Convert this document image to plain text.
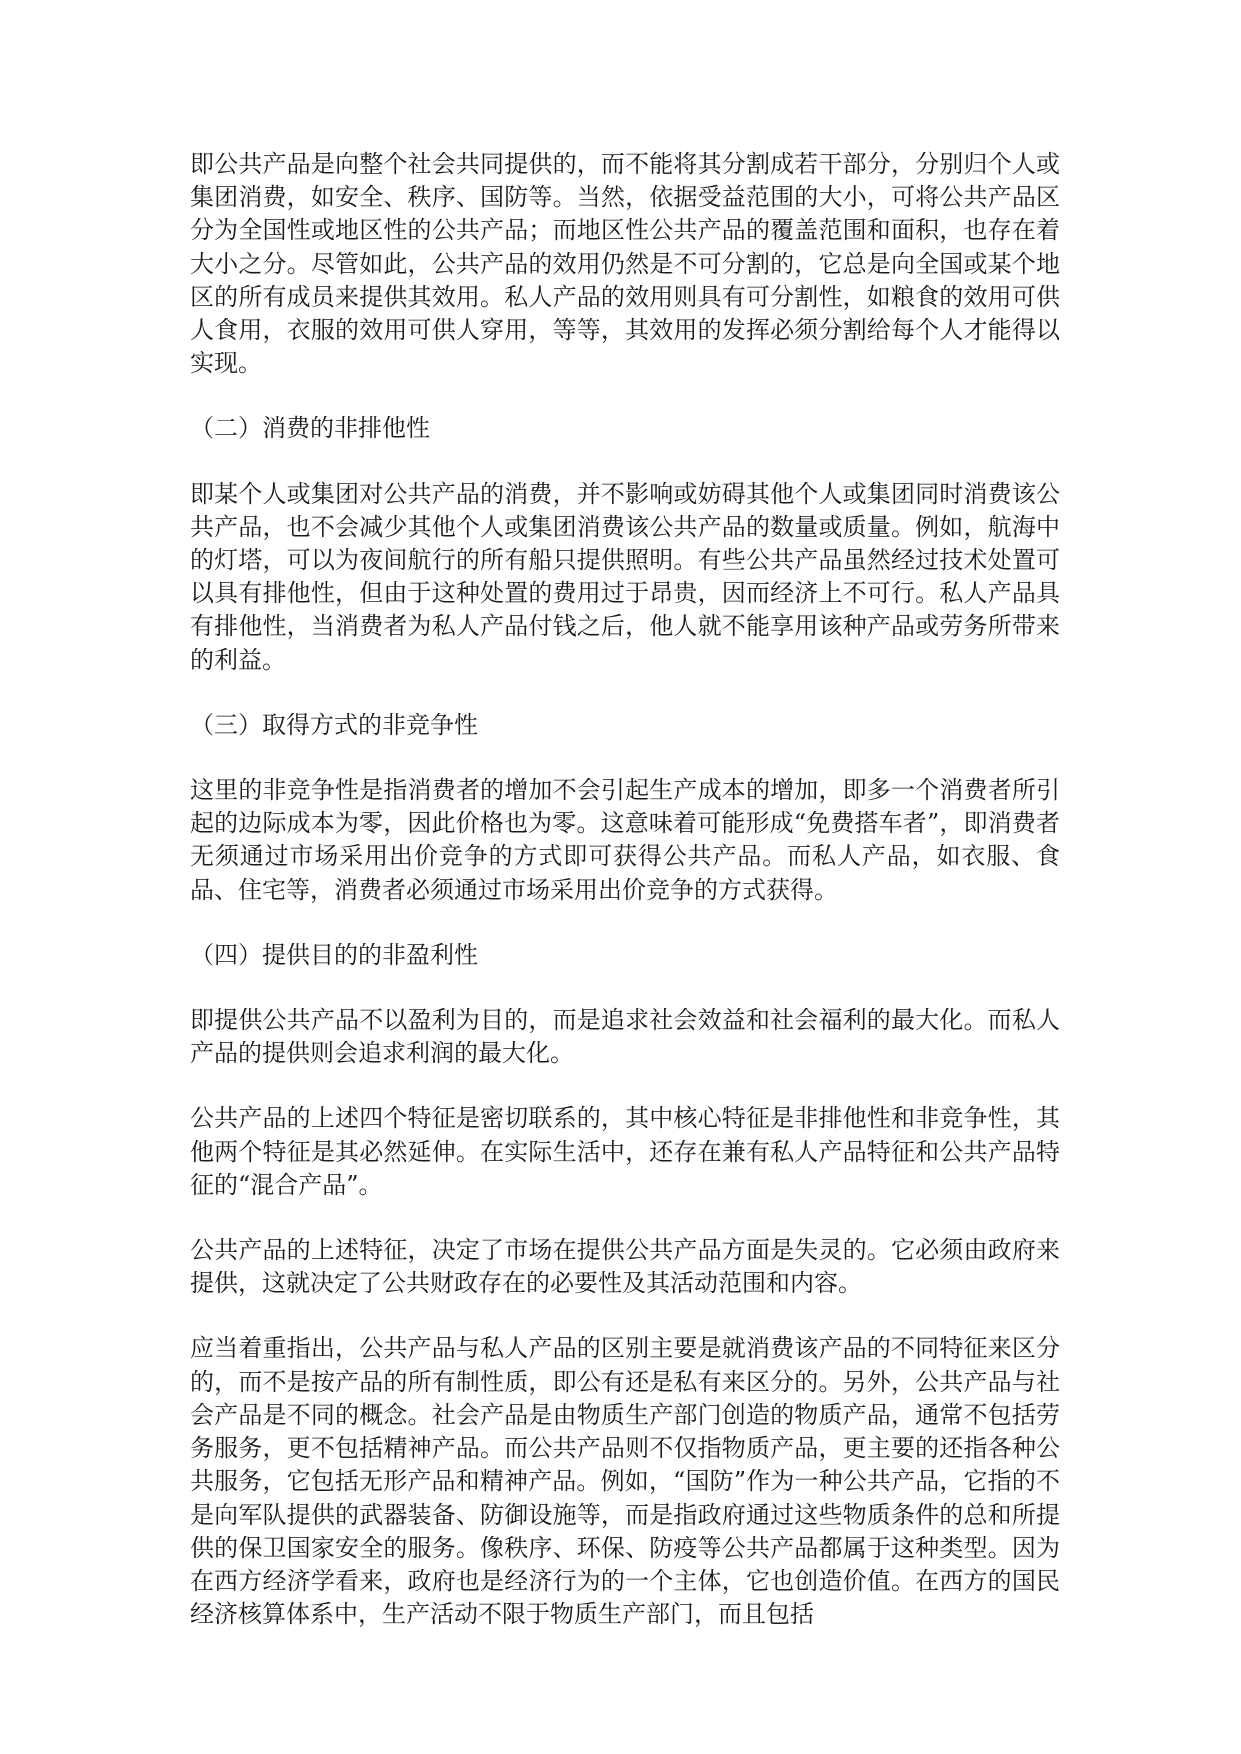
即公共产品是向整个社会共同提供的，而不能将其分割成若干部分，分别归个人或集团消费，如安全、秩序、国防等。当然，依据受益范围的大小，可将公共产品区分为全国性或地区性的公共产品；而地区性公共产品的覆盖范围和面积，也存在着大小之分。尽管如此，公共产品的效用仍然是不可分割的，它总是向全国或某个地区的所有成员来提供其效用。私人产品的效用则具有可分割性，如粮食的效用可供人食用，衣服的效用可供人穿用，等等，其效用的发挥必须分割给每个人才能得以实现。

（二）消费的非排他性

即某个人或集团对公共产品的消费，并不影响或妨碍其他个人或集团同时消费该公共产品，也不会减少其他个人或集团消费该公共产品的数量或质量。例如，航海中的灯塔，可以为夜间航行的所有船只提供照明。有些公共产品虽然经过技术处置可以具有排他性，但由于这种处置的费用过于昂贵，因而经济上不可行。私人产品具有排他性，当消费者为私人产品付钱之后，他人就不能享用该种产品或劳务所带来的利益。

（三）取得方式的非竞争性

这里的非竞争性是指消费者的增加不会引起生产成本的增加，即多一个消费者所引起的边际成本为零，因此价格也为零。这意味着可能形成“免费搭车者”，即消费者无须通过市场采用出价竞争的方式即可获得公共产品。而私人产品，如衣服、食品、住宅等，消费者必须通过市场采用出价竞争的方式获得。

（四）提供目的的非盈利性

即提供公共产品不以盈利为目的，而是追求社会效益和社会福利的最大化。而私人产品的提供则会追求利润的最大化。

公共产品的上述四个特征是密切联系的，其中核心特征是非排他性和非竞争性，其他两个特征是其必然延伸。在实际生活中，还存在兼有私人产品特征和公共产品特征的“混合产品”。

公共产品的上述特征，决定了市场在提供公共产品方面是失灵的。它必须由政府来提供，这就决定了公共财政存在的必要性及其活动范围和内容。

应当着重指出，公共产品与私人产品的区别主要是就消费该产品的不同特征来区分的，而不是按产品的所有制性质，即公有还是私有来区分的。另外，公共产品与社会产品是不同的概念。社会产品是由物质生产部门创造的物质产品，通常不包括劳务服务，更不包括精神产品。而公共产品则不仅指物质产品，更主要的还指各种公共服务，它包括无形产品和精神产品。例如，“国防”作为一种公共产品，它指的不是向军队提供的武器装备、防御设施等，而是指政府通过这些物质条件的总和所提供的保卫国家安全的服务。像秩序、环保、防疫等公共产品都属于这种类型。因为在西方经济学看来，政府也是经济行为的一个主体，它也创造价值。在西方的国民经济核算体系中，生产活动不限于物质生产部门，而且包括
